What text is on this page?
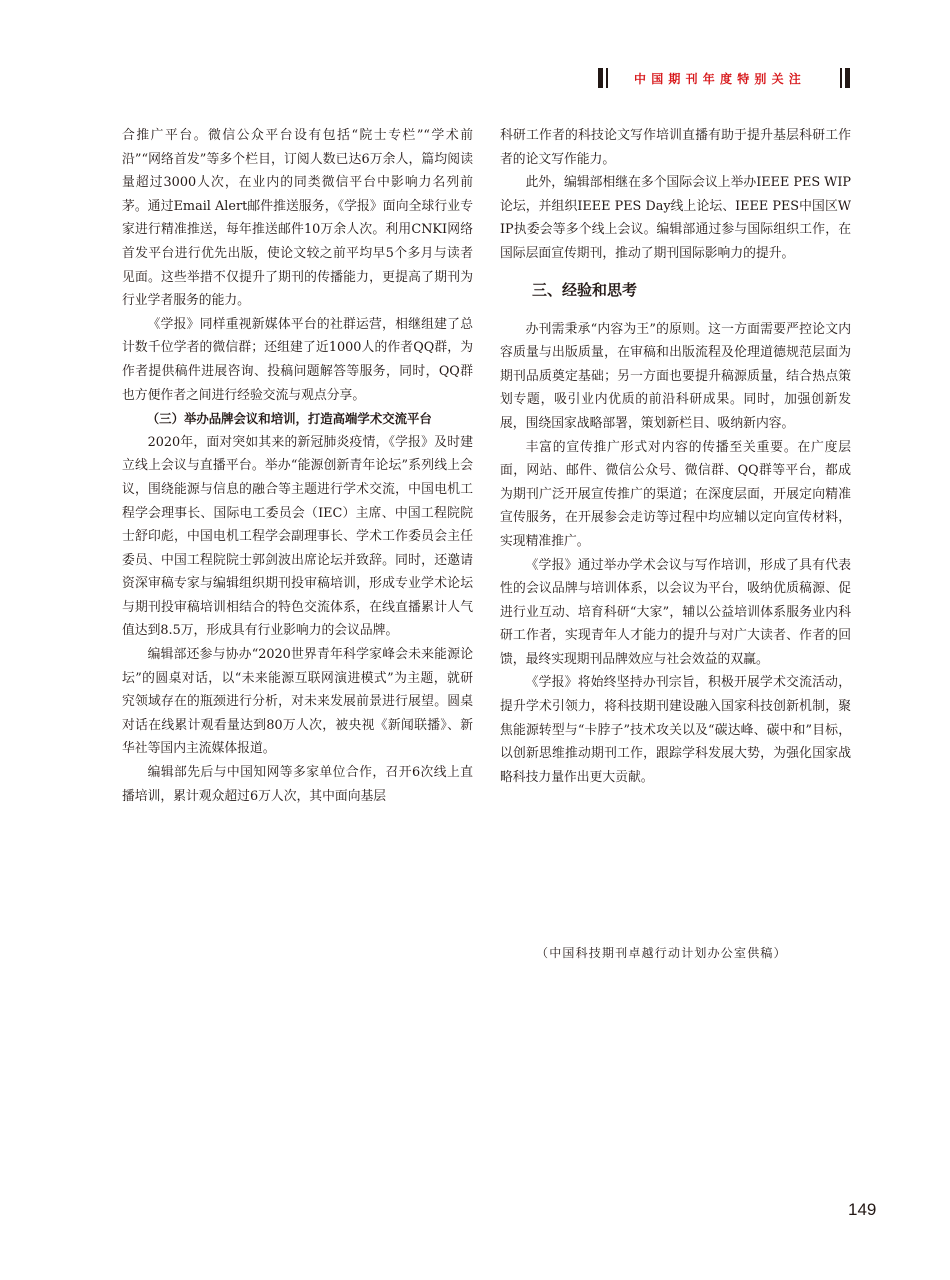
中国期刊年度特别关注

合推广平台。微信公众平台设有包括“院士专栏”“学术前沿”“网络首发”等多个栏目，订阅人数已达6万余人，篇均阅读量超过3000人次，在业内的同类微信平台中影响力名列前茅。通过Email Alert邮件推送服务，《学报》面向全球行业专家进行精准推送，每年推送邮件10万余人次。利用CNKI网络首发平台进行优先出版，使论文较之前平均早5个多月与读者见面。这些举措不仅提升了期刊的传播能力，更提高了期刊为行业学者服务的能力。

《学报》同样重视新媒体平台的社群运营，相继组建了总计数千位学者的微信群；还组建了近1000人的作者QQ群，为作者提供稿件进展咨询、投稿问题解答等服务，同时，QQ群也方便作者之间进行经验交流与观点分享。

（三）举办品牌会议和培训，打造高端学术交流平台

2020年，面对突如其来的新冠肺炎疫情，《学报》及时建立线上会议与直播平台。举办“能源创新青年论坛”系列线上会议，围绕能源与信息的融合等主题进行学术交流，中国电机工程学会理事长、国际电工委员会（IEC）主席、中国工程院院士舒印彪，中国电机工程学会副理事长、学术工作委员会主任委员、中国工程院院士郭剑波出席论坛并致辞。同时，还邀请资深审稿专家与编辑组织期刊投审稿培训，形成专业学术论坛与期刊投审稿培训相结合的特色交流体系，在线直播累计人气值达到8.5万，形成具有行业影响力的会议品牌。

编辑部还参与协办“2020世界青年科学家峰会未来能源论坛”的圆桌对话，以“未来能源互联网演进模式”为主题，就研究领域存在的瓶颈进行分析，对未来发展前景进行展望。圆桌对话在线累计观看量达到80万人次，被央视《新闻联播》、新华社等国内主流媒体报道。

编辑部先后与中国知网等多家单位合作，召开6次线上直播培训，累计观众超过6万人次，其中面向基层

科研工作者的科技论文写作培训直播有助于提升基层科研工作者的论文写作能力。

此外，编辑部相继在多个国际会议上举办IEEE PES WIP论坛，并组织IEEE PES Day线上论坛、IEEE PES中国区WIP执委会等多个线上会议。编辑部通过参与国际组织工作，在国际层面宣传期刊，推动了期刊国际影响力的提升。

三、经验和思考

办刊需秉承“内容为王”的原则。这一方面需要严控论文内容质量与出版质量，在审稿和出版流程及伦理道德规范层面为期刊品质奠定基础；另一方面也要提升稿源质量，结合热点策划专题，吸引业内优质的前沿科研成果。同时，加强创新发展，围绕国家战略部署，策划新栏目、吸纳新内容。

丰富的宣传推广形式对内容的传播至关重要。在广度层面，网站、邮件、微信公众号、微信群、QQ群等平台，都成为期刊广泛开展宣传推广的渠道；在深度层面，开展定向精准宣传服务，在开展参会走访等过程中均应辅以定向宣传材料，实现精准推广。

《学报》通过举办学术会议与写作培训，形成了具有代表性的会议品牌与培训体系，以会议为平台，吸纳优质稿源、促进行业互动、培育科研“大家”，辅以公益培训体系服务业内科研工作者，实现青年人才能力的提升与对广大读者、作者的回馈，最终实现期刊品牌效应与社会效益的双赢。

《学报》将始终坚持办刊宗旨，积极开展学术交流活动，提升学术引领力，将科技期刊建设融入国家科技创新机制，聚焦能源转型与“卡脖子”技术攻关以及“碳达峰、碳中和”目标，以创新思维推动期刊工作，跟踪学科发展大势，为强化国家战略科技力量作出更大贡献。

（中国科技期刊卓越行动计划办公室供稿）
149
